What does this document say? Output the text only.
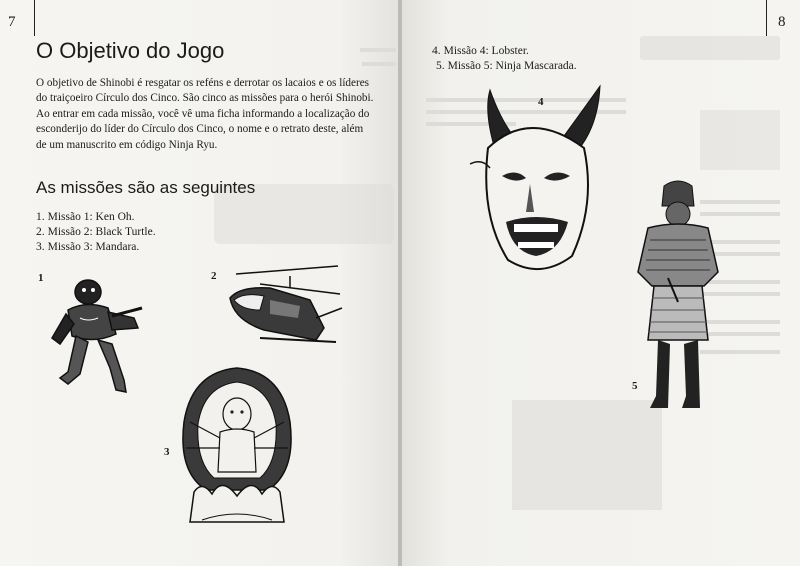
7	8
O Objetivo do Jogo

O objetivo de Shinobi é resgatar os reféns e derrotar os lacaios e os líderes do traiçoeiro Círculo dos Cinco. São cinco as missões para o herói Shinobi. Ao entrar em cada missão, você vê uma ficha informando a localização do esconderijo do líder do Círculo dos Cinco, o nome e o retrato deste, além de um manuscrito em código Ninja Ryu.

As missões são as seguintes
1. Missão 1: Ken Oh.
2. Missão 2: Black Turtle.
3. Missão 3: Mandara.
4. Missão 4: Lobster.
5. Missão 5: Ninja Mascarada.
1	2
3
4
5
